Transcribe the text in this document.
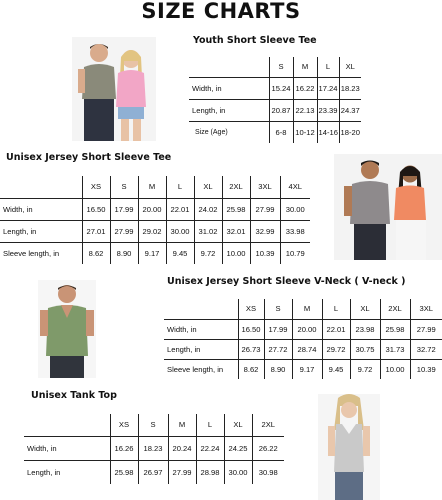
SIZE CHARTS
Youth Short Sleeve Tee
	S	M	L	XL
Width, in	15.24	16.22	17.24	18.23
Length, in	20.87	22.13	23.39	24.37
Size (Age)	6-8	10-12	14-16	18-20
Unisex Jersey Short Sleeve Tee
	XS	S	M	L	XL	2XL	3XL	4XL
Width, in	16.50	17.99	20.00	22.01	24.02	25.98	27.99	30.00
Length, in	27.01	27.99	29.02	30.00	31.02	32.01	32.99	33.98
Sleeve length, in	8.62	8.90	9.17	9.45	9.72	10.00	10.39	10.79
Unisex Jersey Short Sleeve V-Neck ( V-neck )
	XS	S	M	L	XL	2XL	3XL
Width, in	16.50	17.99	20.00	22.01	23.98	25.98	27.99
Length, in	26.73	27.72	28.74	29.72	30.75	31.73	32.72
Sleeve length, in	8.62	8.90	9.17	9.45	9.72	10.00	10.39
Unisex Tank Top
	XS	S	M	L	XL	2XL
Width, in	16.26	18.23	20.24	22.24	24.25	26.22
Length, in	25.98	26.97	27.99	28.98	30.00	30.98
